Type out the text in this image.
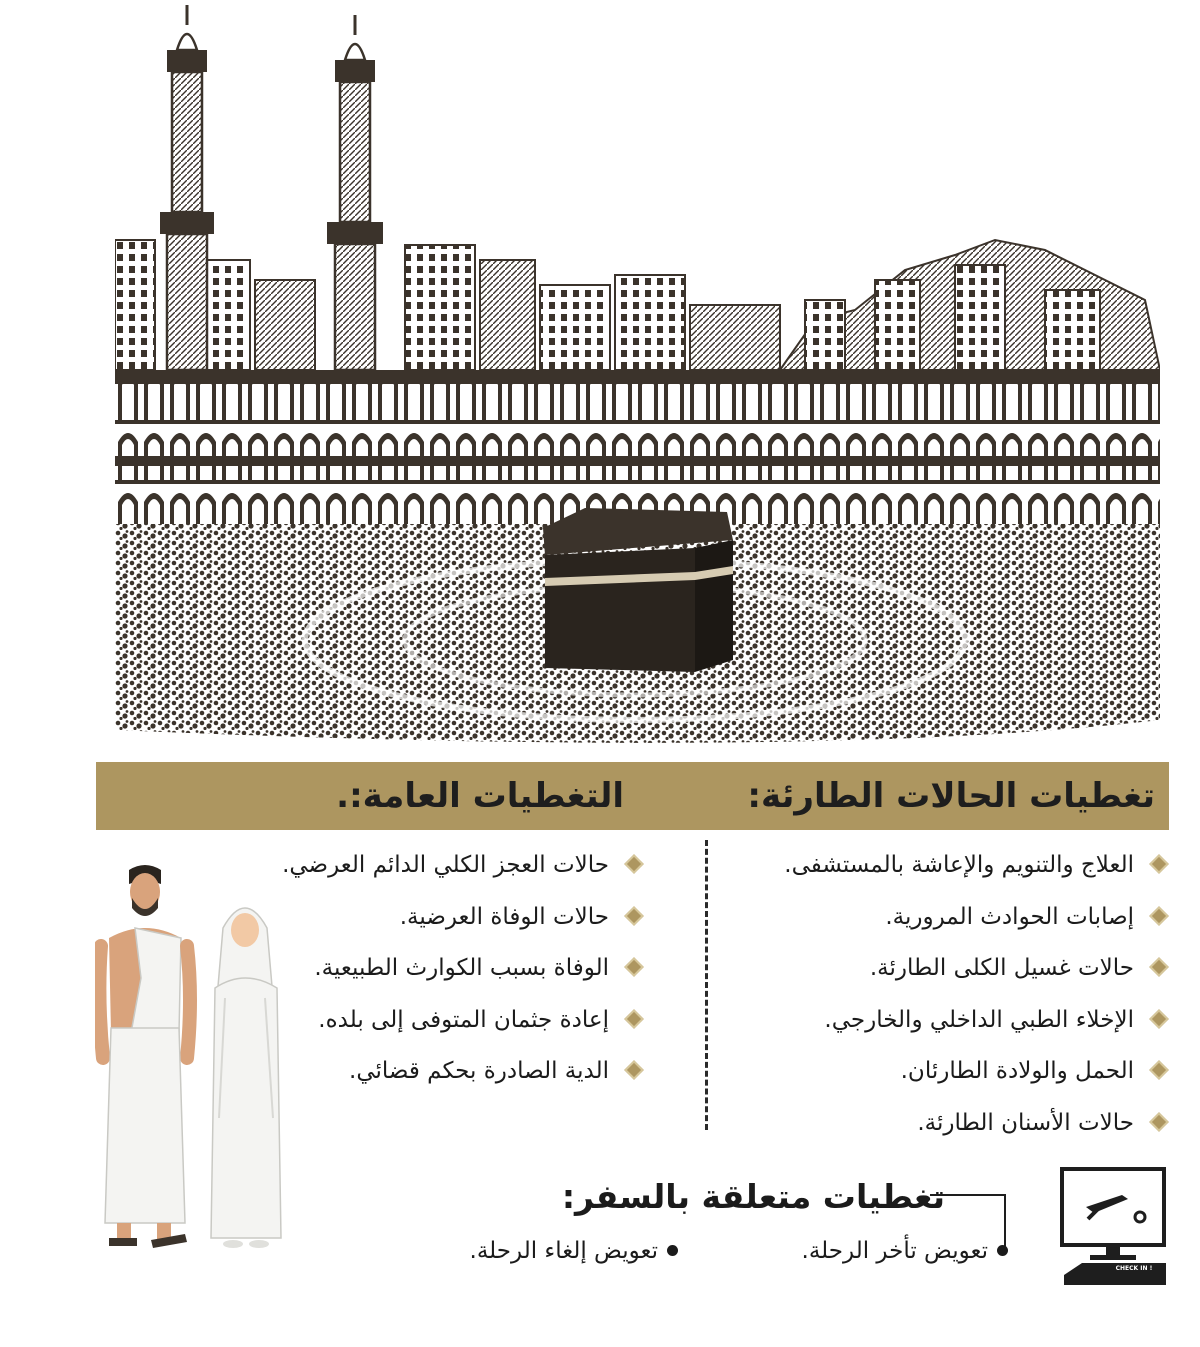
تغطيات الحالات الطارئة:
التغطيات العامة:.
العلاج والتنويم والإعاشة بالمستشفى.
إصابات الحوادث المرورية.
حالات غسيل الكلى الطارئة.
الإخلاء الطبي الداخلي والخارجي.
الحمل والولادة الطارئان.
حالات الأسنان الطارئة.
حالات العجز الكلي الدائم العرضي.
حالات الوفاة العرضية.
الوفاة بسبب الكوارث الطبيعية.
إعادة جثمان المتوفى إلى بلده.
الدية الصادرة بحكم قضائي.
تغطيات متعلقة بالسفر:
تعويض تأخر الرحلة.
تعويض إلغاء الرحلة.
CHECK IN !
